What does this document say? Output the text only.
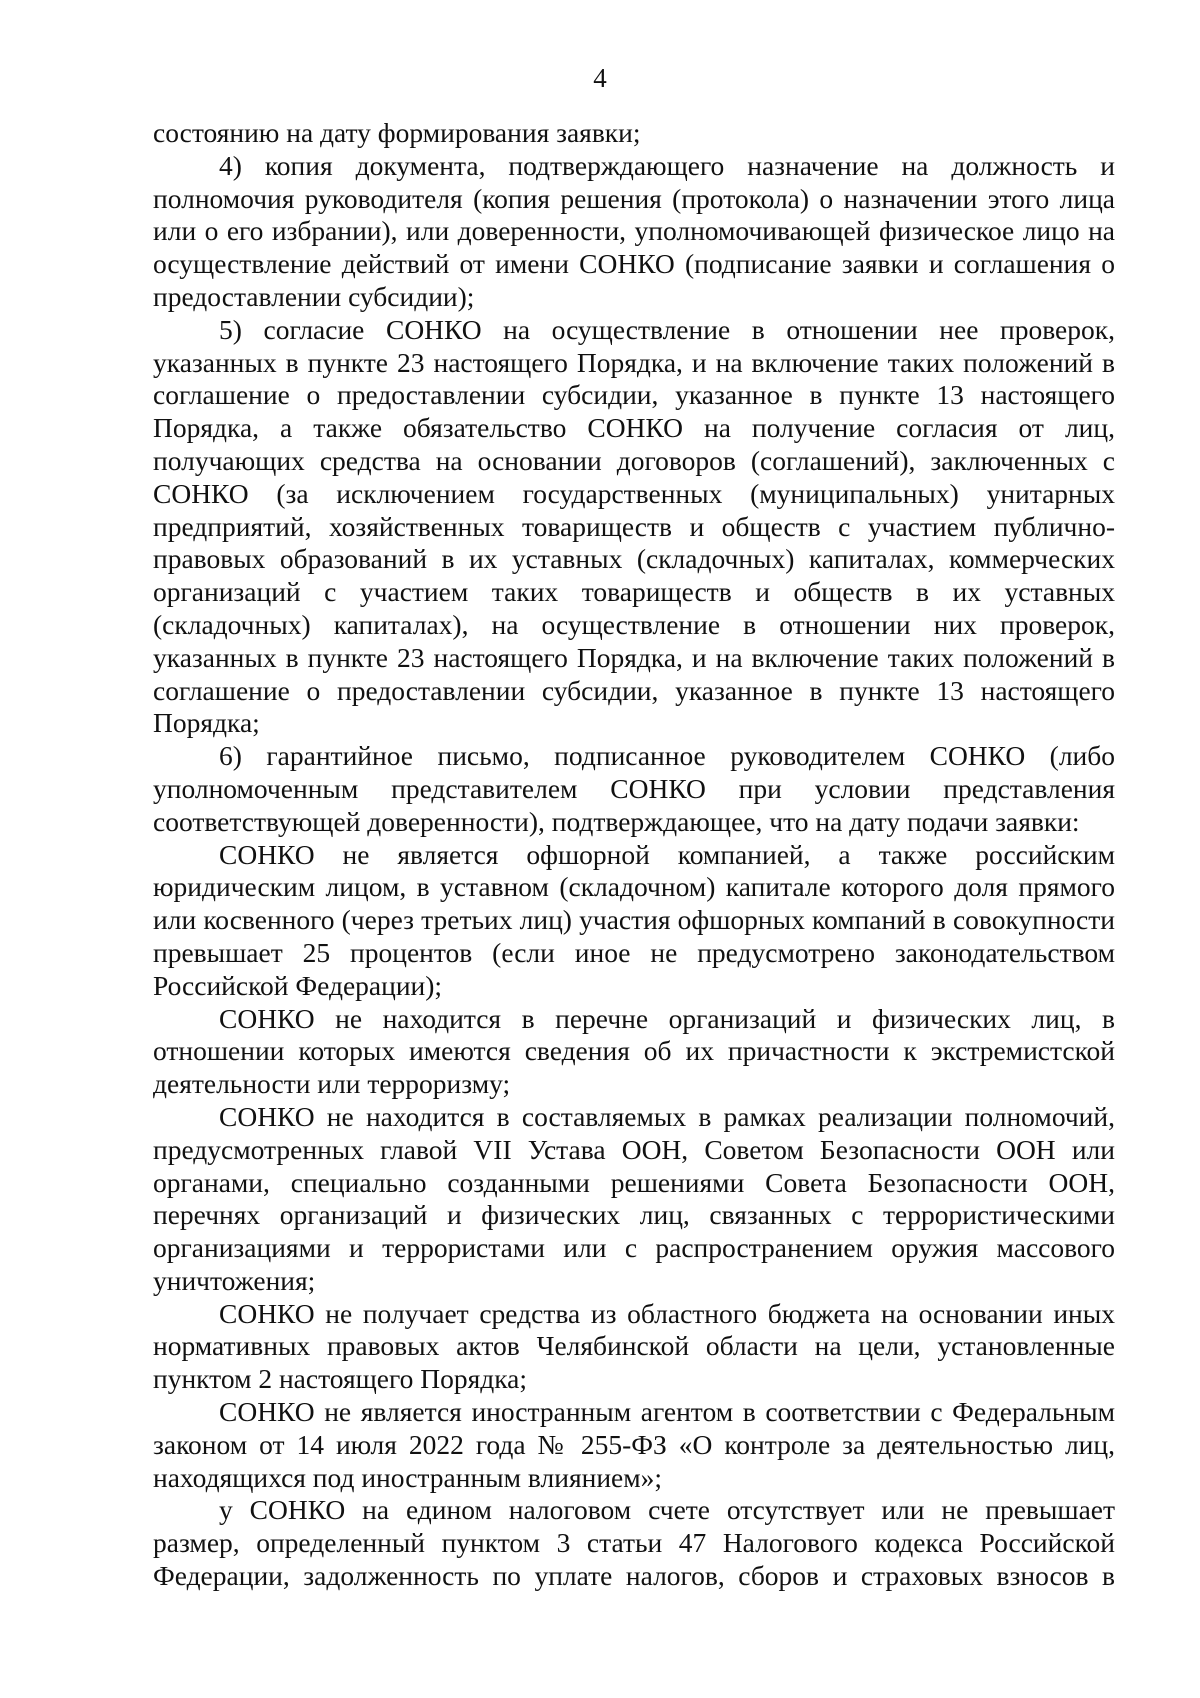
4

состоянию на дату формирования заявки;

4) копия документа, подтверждающего назначение на должность и полномочия руководителя (копия решения (протокола) о назначении этого лица или о его избрании), или доверенности, уполномочивающей физическое лицо на осуществление действий от имени СОНКО (подписание заявки и соглашения о предоставлении субсидии);

5) согласие СОНКО на осуществление в отношении нее проверок, указанных в пункте 23 настоящего Порядка, и на включение таких положений в соглашение о предоставлении субсидии, указанное в пункте 13 настоящего Порядка, а также обязательство СОНКО на получение согласия от лиц, получающих средства на основании договоров (соглашений), заключенных с СОНКО (за исключением государственных (муниципальных) унитарных предприятий, хозяйственных товариществ и обществ с участием публично-правовых образований в их уставных (складочных) капиталах, коммерческих организаций с участием таких товариществ и обществ в их уставных (складочных) капиталах), на осуществление в отношении них проверок, указанных в пункте 23 настоящего Порядка, и на включение таких положений в соглашение о предоставлении субсидии, указанное в пункте 13 настоящего Порядка;

6) гарантийное письмо, подписанное руководителем СОНКО (либо уполномоченным представителем СОНКО при условии представления соответствующей доверенности), подтверждающее, что на дату подачи заявки:

СОНКО не является офшорной компанией, а также российским юридическим лицом, в уставном (складочном) капитале которого доля прямого или косвенного (через третьих лиц) участия офшорных компаний в совокупности превышает 25 процентов (если иное не предусмотрено законодательством Российской Федерации);

СОНКО не находится в перечне организаций и физических лиц, в отношении которых имеются сведения об их причастности к экстремистской деятельности или терроризму;

СОНКО не находится в составляемых в рамках реализации полномочий, предусмотренных главой VII Устава ООН, Советом Безопасности ООН или органами, специально созданными решениями Совета Безопасности ООН, перечнях организаций и физических лиц, связанных с террористическими организациями и террористами или с распространением оружия массового уничтожения;

СОНКО не получает средства из областного бюджета на основании иных нормативных правовых актов Челябинской области на цели, установленные пунктом 2 настоящего Порядка;

СОНКО не является иностранным агентом в соответствии с Федеральным законом от 14 июля 2022 года № 255-ФЗ «О контроле за деятельностью лиц, находящихся под иностранным влиянием»;

у СОНКО на едином налоговом счете отсутствует или не превышает размер, определенный пунктом 3 статьи 47 Налогового кодекса Российской Федерации, задолженность по уплате налогов, сборов и страховых взносов в
